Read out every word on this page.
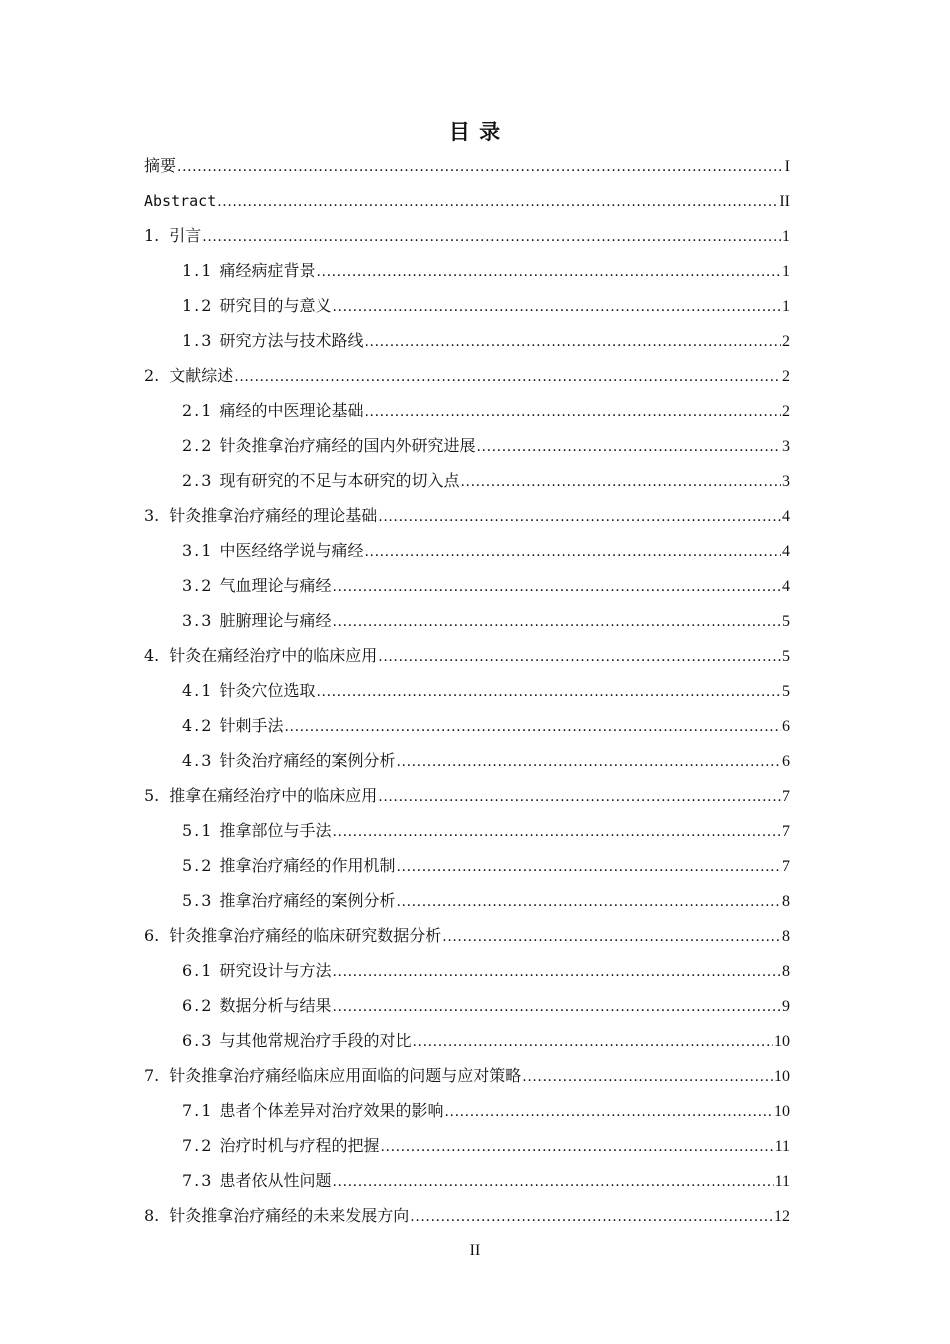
目 录
摘要 .....	I
Abstract .....	II
1. 引言 .....	1
1.1 痛经病症背景 .....	1
1.2 研究目的与意义 .....	1
1.3 研究方法与技术路线 .....	2
2. 文献综述 .....	2
2.1 痛经的中医理论基础 .....	2
2.2 针灸推拿治疗痛经的国内外研究进展 .....	3
2.3 现有研究的不足与本研究的切入点 .....	3
3. 针灸推拿治疗痛经的理论基础 .....	4
3.1 中医经络学说与痛经 .....	4
3.2 气血理论与痛经 .....	4
3.3 脏腑理论与痛经 .....	5
4. 针灸在痛经治疗中的临床应用 .....	5
4.1 针灸穴位选取 .....	5
4.2 针刺手法 .....	6
4.3 针灸治疗痛经的案例分析 .....	6
5. 推拿在痛经治疗中的临床应用 .....	7
5.1 推拿部位与手法 .....	7
5.2 推拿治疗痛经的作用机制 .....	7
5.3 推拿治疗痛经的案例分析 .....	8
6. 针灸推拿治疗痛经的临床研究数据分析 .....	8
6.1 研究设计与方法 .....	8
6.2 数据分析与结果 .....	9
6.3 与其他常规治疗手段的对比 .....	10
7. 针灸推拿治疗痛经临床应用面临的问题与应对策略 .....	10
7.1 患者个体差异对治疗效果的影响 .....	10
7.2 治疗时机与疗程的把握 .....	11
7.3 患者依从性问题 .....	11
8. 针灸推拿治疗痛经的未来发展方向 .....	12
II
